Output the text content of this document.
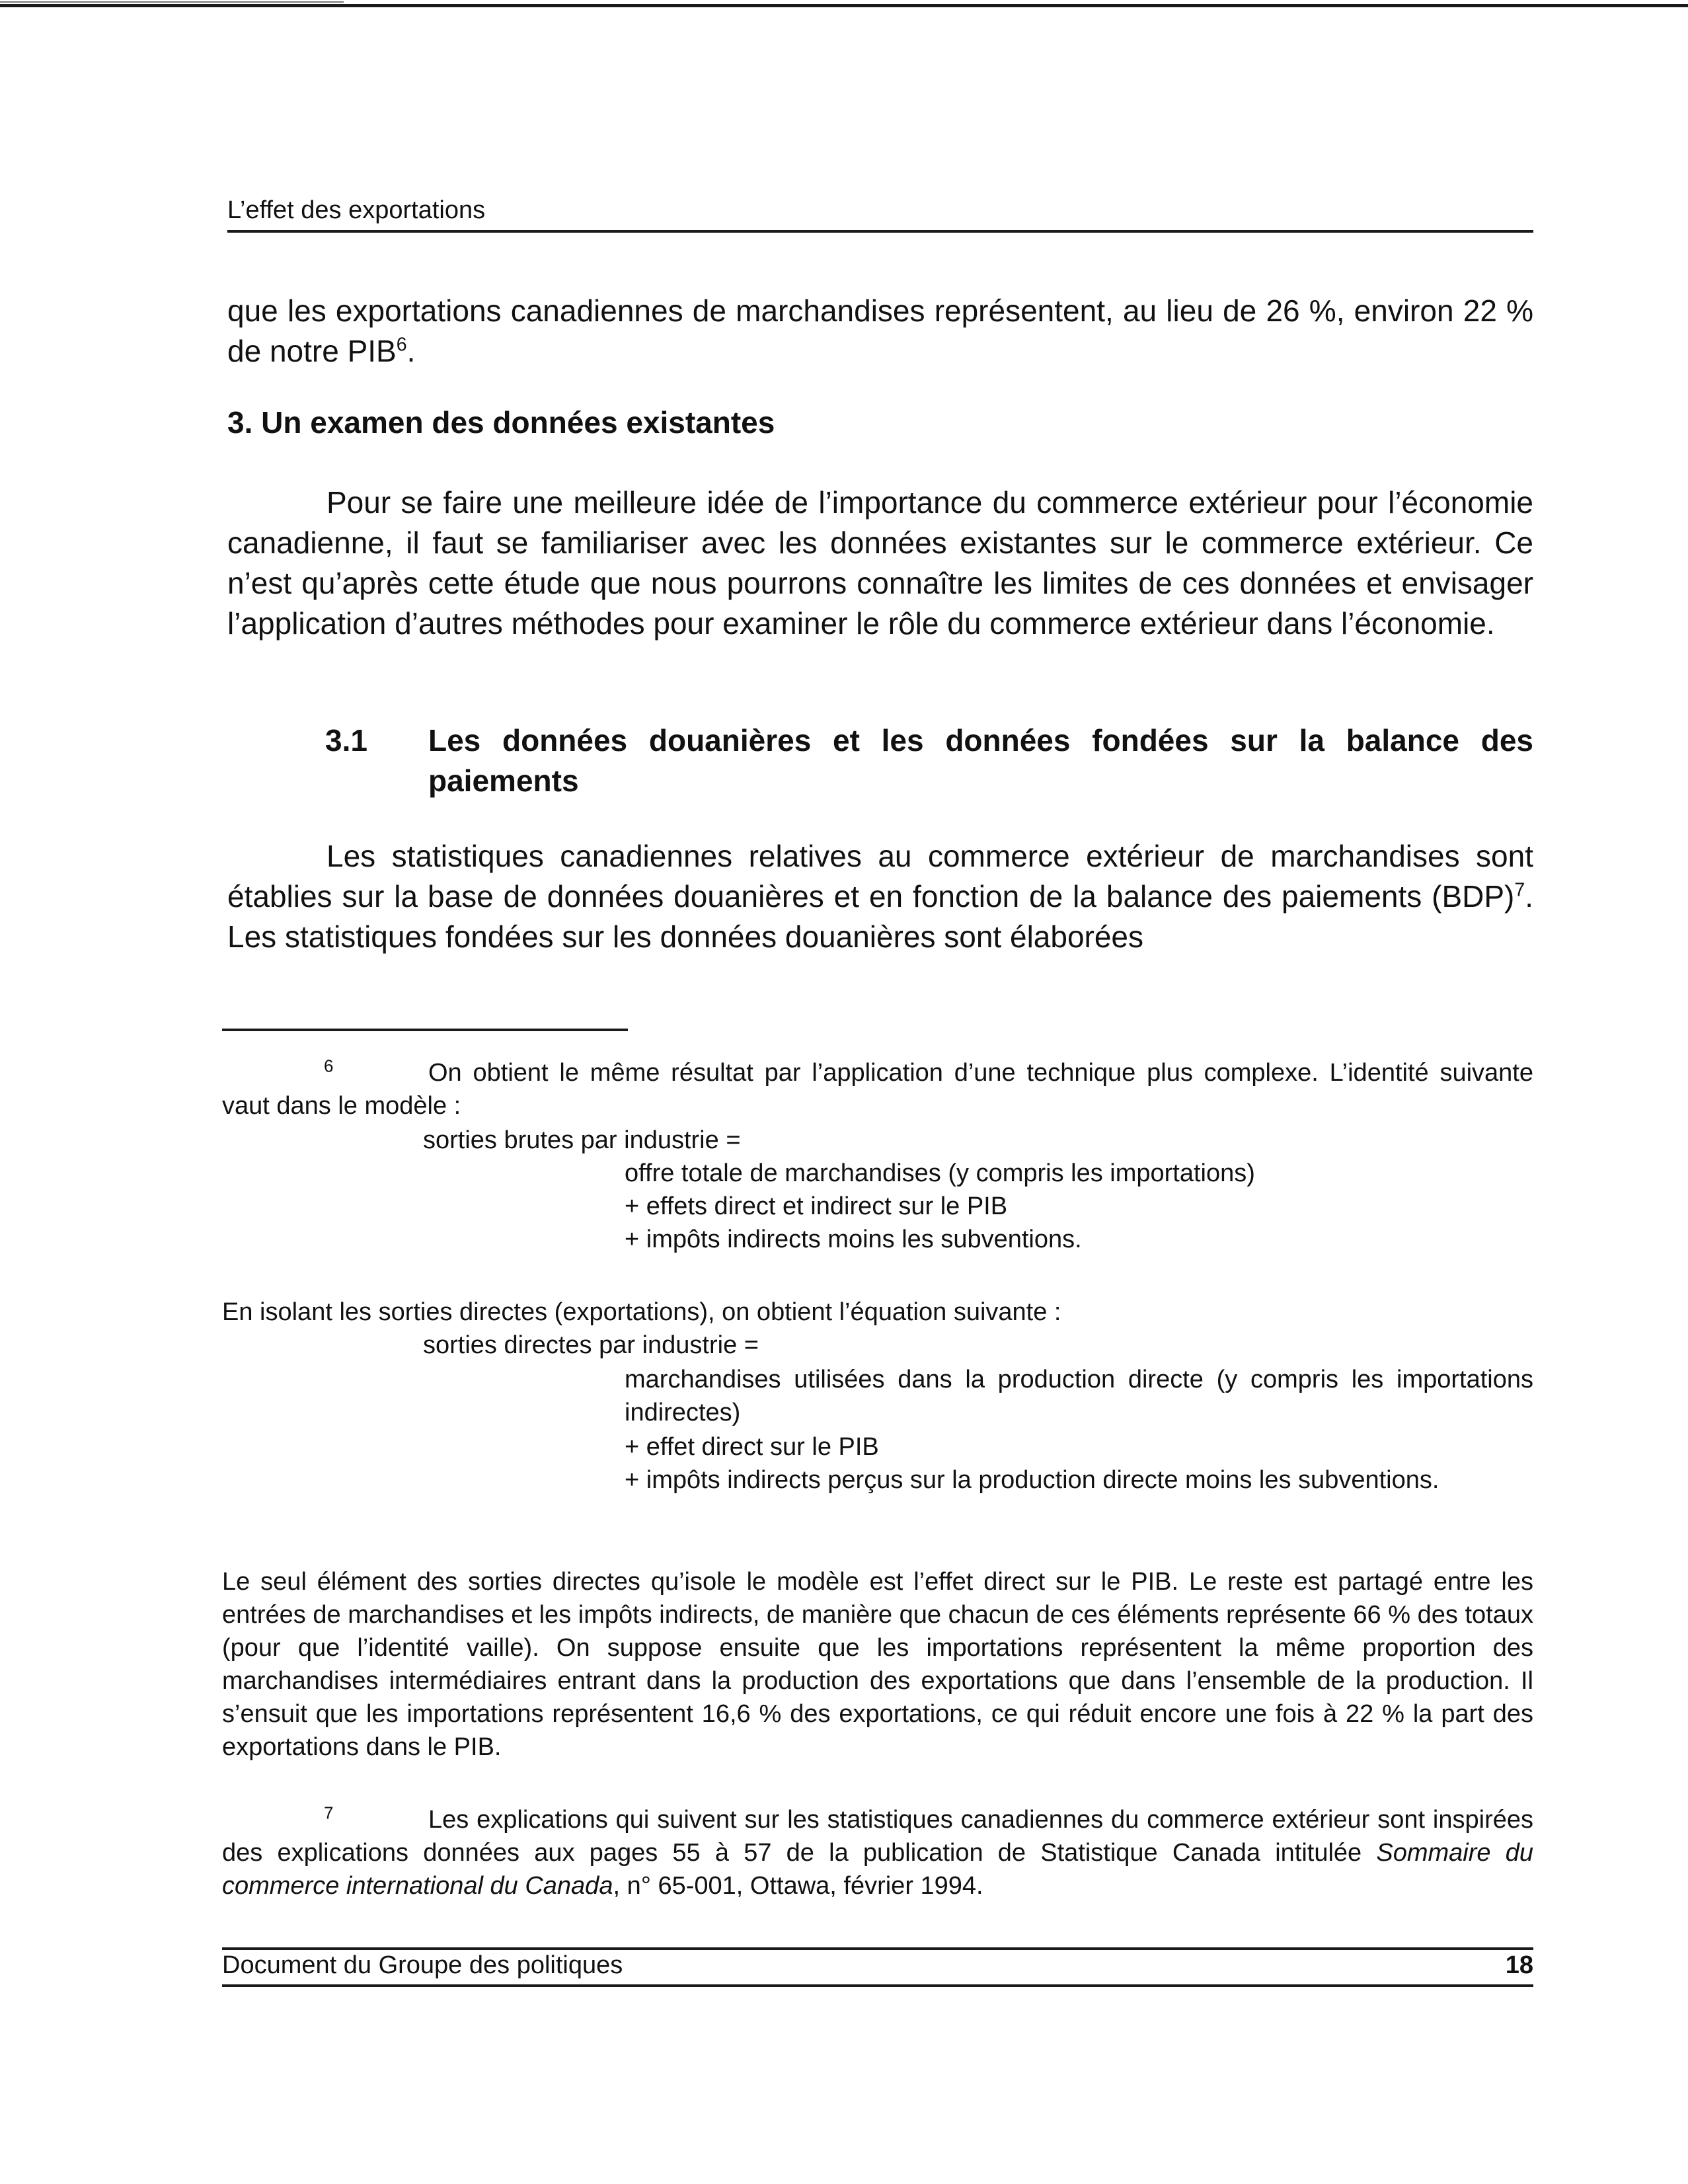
L’effet des exportations

que les exportations canadiennes de marchandises représentent, au lieu de 26 %, environ 22 % de notre PIB$^6$.

3. Un examen des données existantes

Pour se faire une meilleure idée de l’importance du commerce extérieur pour l’économie canadienne, il faut se familiariser avec les données existantes sur le commerce extérieur. Ce n’est qu’après cette étude que nous pourrons connaître les limites de ces données et envisager l’application d’autres méthodes pour examiner le rôle du commerce extérieur dans l’économie.

3.1 Les données douanières et les données fondées sur la balance des paiements

Les statistiques canadiennes relatives au commerce extérieur de marchandises sont établies sur la base de données douanières et en fonction de la balance des paiements (BDP)$^7$. Les statistiques fondées sur les données douanières sont élaborées

$^6$	On obtient le même résultat par l’application d’une technique plus complexe. L’identité suivante vaut dans le modèle :

sorties brutes par industrie =

offre totale de marchandises (y compris les importations)

+ effets direct et indirect sur le PIB

+ impôts indirects moins les subventions.

En isolant les sorties directes (exportations), on obtient l’équation suivante :

sorties directes par industrie =

marchandises utilisées dans la production directe (y compris les importations indirectes)

+ effet direct sur le PIB

+ impôts indirects perçus sur la production directe moins les subventions.

Le seul élément des sorties directes qu’isole le modèle est l’effet direct sur le PIB. Le reste est partagé entre les entrées de marchandises et les impôts indirects, de manière que chacun de ces éléments représente 66 % des totaux (pour que l’identité vaille). On suppose ensuite que les importations représentent la même proportion des marchandises intermédiaires entrant dans la production des exportations que dans l’ensemble de la production. Il s’ensuit que les importations représentent 16,6 % des exportations, ce qui réduit encore une fois à 22 % la part des exportations dans le PIB.

$^7$	Les explications qui suivent sur les statistiques canadiennes du commerce extérieur sont inspirées des explications données aux pages 55 à 57 de la publication de Statistique Canada intitulée Sommaire du commerce international du Canada, n° 65-001, Ottawa, février 1994.

Document du Groupe des politiques	18
